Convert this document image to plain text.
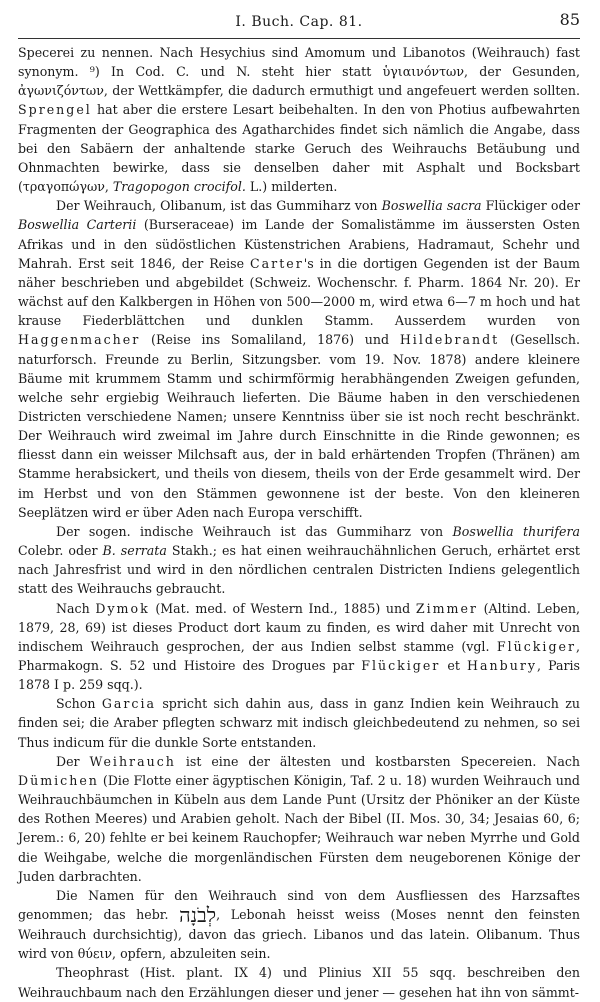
I. Buch. Cap. 81.	85

Specerei zu nennen. Nach Hesychius sind Amomum und Libanotos (Weihrauch) fast synonym. ⁹) In Cod. C. und N. steht hier statt ὑγιαινόντων, der Gesunden, ἀγωνιζόντων, der Wettkämpfer, die dadurch ermuthigt und angefeuert werden sollten. Sprengel hat aber die erstere Lesart beibehalten. In den von Photius aufbewahrten Fragmenten der Geographica des Agatharchides findet sich nämlich die Angabe, dass bei den Sabäern der anhaltende starke Geruch des Weihrauchs Betäubung und Ohnmachten bewirke, dass sie denselben daher mit Asphalt und Bocksbart (τραγοπώγων, Tragopogon crocifol. L.) milderten.

Der Weihrauch, Olibanum, ist das Gummiharz von Boswellia sacra Flückiger oder Boswellia Carterii (Burseraceae) im Lande der Somalistämme im äussersten Osten Afrikas und in den südöstlichen Küstenstrichen Arabiens, Hadramaut, Schehr und Mahrah. Erst seit 1846, der Reise Carter's in die dortigen Gegenden ist der Baum näher beschrieben und abgebildet (Schweiz. Wochenschr. f. Pharm. 1864 Nr. 20). Er wächst auf den Kalkbergen in Höhen von 500—2000 m, wird etwa 6—7 m hoch und hat krause Fiederblättchen und dunklen Stamm. Ausserdem wurden von Haggenmacher (Reise ins Somaliland, 1876) und Hildebrandt (Gesellsch. naturforsch. Freunde zu Berlin, Sitzungsber. vom 19. Nov. 1878) andere kleinere Bäume mit krummem Stamm und schirmförmig herabhängenden Zweigen gefunden, welche sehr ergiebig Weihrauch lieferten. Die Bäume haben in den verschiedenen Districten verschiedene Namen; unsere Kenntniss über sie ist noch recht beschränkt. Der Weihrauch wird zweimal im Jahre durch Einschnitte in die Rinde gewonnen; es fliesst dann ein weisser Milchsaft aus, der in bald erhärtenden Tropfen (Thränen) am Stamme herabsickert, und theils von diesem, theils von der Erde gesammelt wird. Der im Herbst und von den Stämmen gewonnene ist der beste. Von den kleineren Seeplätzen wird er über Aden nach Europa verschifft.

Der sogen. indische Weihrauch ist das Gummiharz von Boswellia thurifera Colebr. oder B. serrata Stakh.; es hat einen weihrauchähnlichen Geruch, erhärtet erst nach Jahresfrist und wird in den nördlichen centralen Districten Indiens gelegentlich statt des Weihrauchs gebraucht.

Nach Dymok (Mat. med. of Western Ind., 1885) und Zimmer (Altind. Leben, 1879, 28, 69) ist dieses Product dort kaum zu finden, es wird daher mit Unrecht von indischem Weihrauch gesprochen, der aus Indien selbst stamme (vgl. Flückiger, Pharmakogn. S. 52 und Histoire des Drogues par Flückiger et Hanbury, Paris 1878 I p. 259 sqq.).

Schon Garcia spricht sich dahin aus, dass in ganz Indien kein Weihrauch zu finden sei; die Araber pflegten schwarz mit indisch gleichbedeutend zu nehmen, so sei Thus indicum für die dunkle Sorte entstanden.

Der Weihrauch ist eine der ältesten und kostbarsten Specereien. Nach Dümichen (Die Flotte einer ägyptischen Königin, Taf. 2 u. 18) wurden Weihrauch und Weihrauchbäumchen in Kübeln aus dem Lande Punt (Ursitz der Phöniker an der Küste des Rothen Meeres) und Arabien geholt. Nach der Bibel (II. Mos. 30, 34; Jesaias 60, 6; Jerem.: 6, 20) fehlte er bei keinem Rauchopfer; Weihrauch war neben Myrrhe und Gold die Weihgabe, welche die morgenländischen Fürsten dem neugeborenen Könige der Juden darbrachten.

Die Namen für den Weihrauch sind von dem Ausfliessen des Harzsaftes genommen; das hebr. לְבֹנָה, Lebonah heisst weiss (Moses nennt den feinsten Weihrauch durchsichtig), davon das griech. Libanos und das latein. Olibanum. Thus wird von θύειν, opfern, abzuleiten sein.

Theophrast (Hist. plant. IX 4) und Plinius XII 55 sqq. beschreiben den Weihrauchbaum nach den Erzählungen dieser und jener — gesehen hat ihn von sämmt-
